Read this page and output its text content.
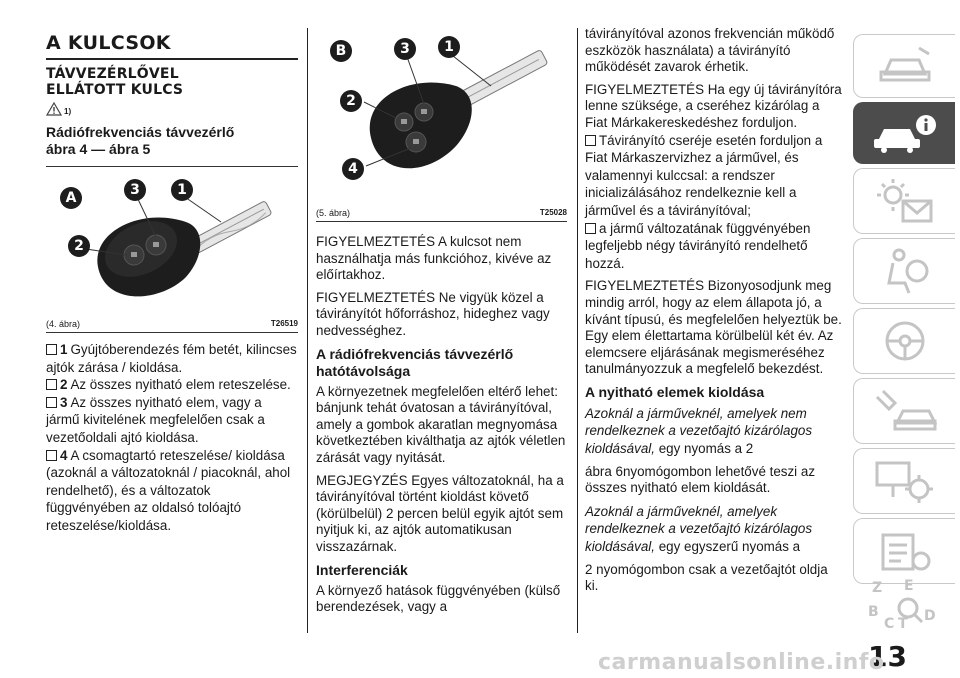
A KULCSOK
TÁVVEZÉRLŐVEL
ELLÁTOTT KULCS
1)
Rádiófrekvenciás távvezérlő
ábra 4 — ábra 5
A	3	1
2
(4. ábra)	T26519
1 Gyújtóberendezés fém betét, kilincses ajtók zárása / kioldása.
2 Az összes nyitható elem reteszelése.
3 Az összes nyitható elem, vagy a jármű kivitelének megfelelően csak a vezetőoldali ajtó kioldása.
4 A csomagtartó reteszelése/ kioldása (azoknál a változatoknál / piacoknál, ahol rendelhető), és a változatok függvényében az oldalsó tolóajtó reteszelése/kioldása.
B	3	1
2
4
(5. ábra)	T25028

FIGYELMEZTETÉS A kulcsot nem használhatja más funkcióhoz, kivéve az előírtakhoz.

FIGYELMEZTETÉS Ne vigyük közel a távirányítót hőforráshoz, hideghez vagy nedvességhez.

A rádiófrekvenciás távvezérlő
hatótávolsága

A környezetnek megfelelően eltérő lehet: bánjunk tehát óvatosan a távirányítóval, amely a gombok akaratlan megnyomása következtében kiválthatja az ajtók véletlen zárását vagy nyitását.

MEGJEGYZÉS Egyes változatoknál, ha a távirányítóval történt kioldást követő (körülbelül) 2 percen belül egyik ajtót sem nyitjuk ki, az ajtók automatikusan visszazárnak.

Interferenciák

A környező hatások függvényében (külső berendezések, vagy a

távirányítóval azonos frekvencián működő eszközök használata) a távirányító működését zavarok érhetik.

FIGYELMEZTETÉS Ha egy új távirányítóra lenne szüksége, a cseréhez kizárólag a Fiat Márkakereskedéshez forduljon.

Távirányító cseréje esetén forduljon a Fiat Márkaszervizhez a járművel, és valamennyi kulccsal: a rendszer inicializálásához rendelkeznie kell a járművel és a távirányítóval;
a jármű változatának függvényében legfeljebb négy távirányító rendelhető hozzá.

FIGYELMEZTETÉS Bizonyosodjunk meg mindig arról, hogy az elem állapota jó, a kívánt típusú, és megfelelően helyeztük be. Egy elem élettartama körülbelül két év. Az elemcsere eljárásának megismeréséhez tanulmányozzuk a megfelelő bekezdést.

A nyitható elemek kioldása

Azoknál a járműveknél, amelyek nem rendelkeznek a vezetőajtó kizárólagos kioldásával, egy nyomás a 2

ábra 6nyomógombon lehetővé teszi az összes nyitható elem kioldását.

Azoknál a járműveknél, amelyek rendelkeznek a vezetőajtó kizárólagos kioldásával, egy egyszerű nyomás a

2 nyomógombon csak a vezetőajtót oldja ki.	Z E
B
C T D
13
carmanualsonline.info
